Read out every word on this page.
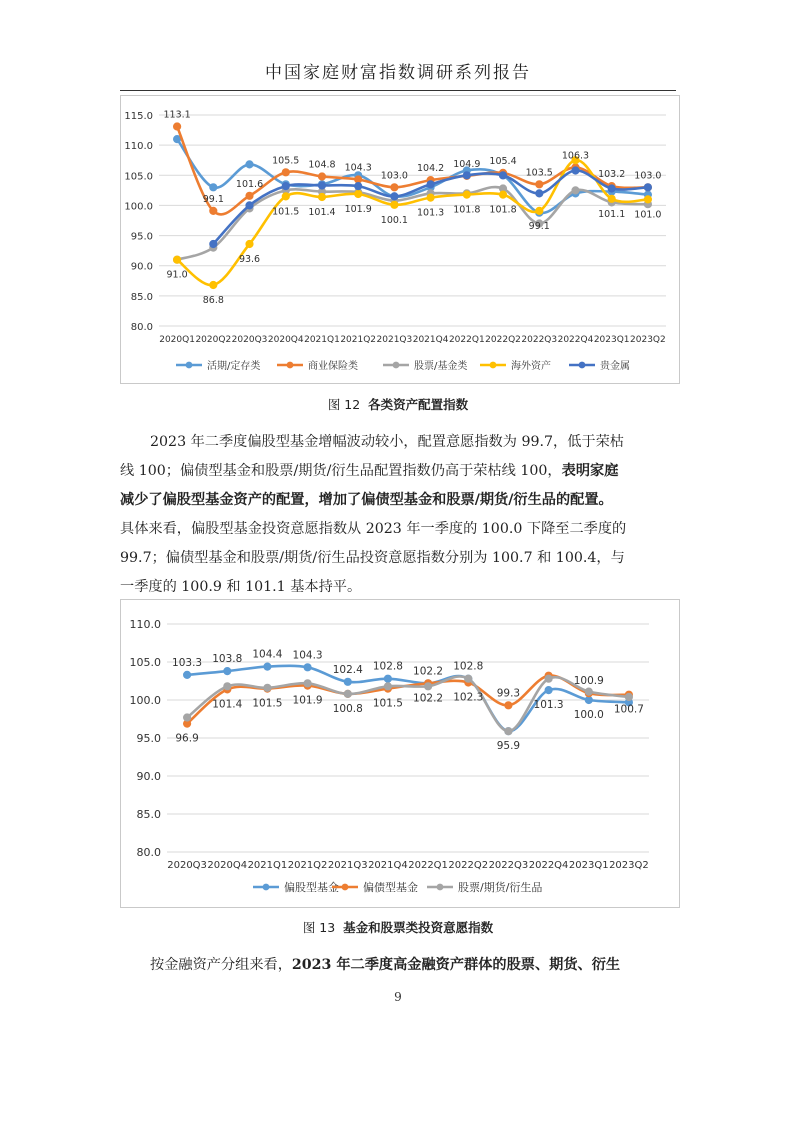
中国家庭财富指数调研系列报告
80.0
85.0
90.0
95.0
100.0
105.0
110.0
115.0
2020Q1 2020Q2 2020Q3 2020Q4 2021Q1 2021Q2 2021Q3 2021Q4 2022Q1 2022Q2 2022Q3 2022Q4 2023Q1 2023Q2
113.1
99.1
101.6
105.5 104.8 104.3
103.0
104.2 104.9 105.4
103.5
106.3
103.2 103.0
91.0
86.8
93.6
101.5 101.4 101.9
100.1
101.3 101.8 101.8
99.1
101.1 101.0
活期/定存类	商业保险类	股票/基金类	海外资产	贵金属
图 12 各类资产配置指数
2023 年二季度偏股型基金增幅波动较小，配置意愿指数为 99.7，低于荣枯
线 100；偏债型基金和股票/期货/衍生品配置指数仍高于荣枯线 100，表明家庭
减少了偏股型基金资产的配置，增加了偏债型基金和股票/期货/衍生品的配置。
具体来看，偏股型基金投资意愿指数从 2023 年一季度的 100.0 下降至二季度的
99.7；偏债型基金和股票/期货/衍生品投资意愿指数分别为 100.7 和 100.4，与
一季度的 100.9 和 101.1 基本持平。
80.0
85.0
90.0
95.0
100.0
105.0
110.0
2020Q3 2020Q4 2021Q1 2021Q2 2021Q3 2021Q4 2022Q1 2022Q2 2022Q3 2022Q4 2023Q1 2023Q2
103.3 103.8 104.4 104.3
102.4 102.8 102.2 102.8
99.3
100.9
96.9
101.4 101.5 101.9
100.8 101.5 102.2 102.3
95.9
101.3
100.0 100.7
偏股型基金 偏债型基金	股票/期货/衍生品
图 13 基金和股票类投资意愿指数
按金融资产分组来看，2023 年二季度高金融资产群体的股票、期货、衍生
9
